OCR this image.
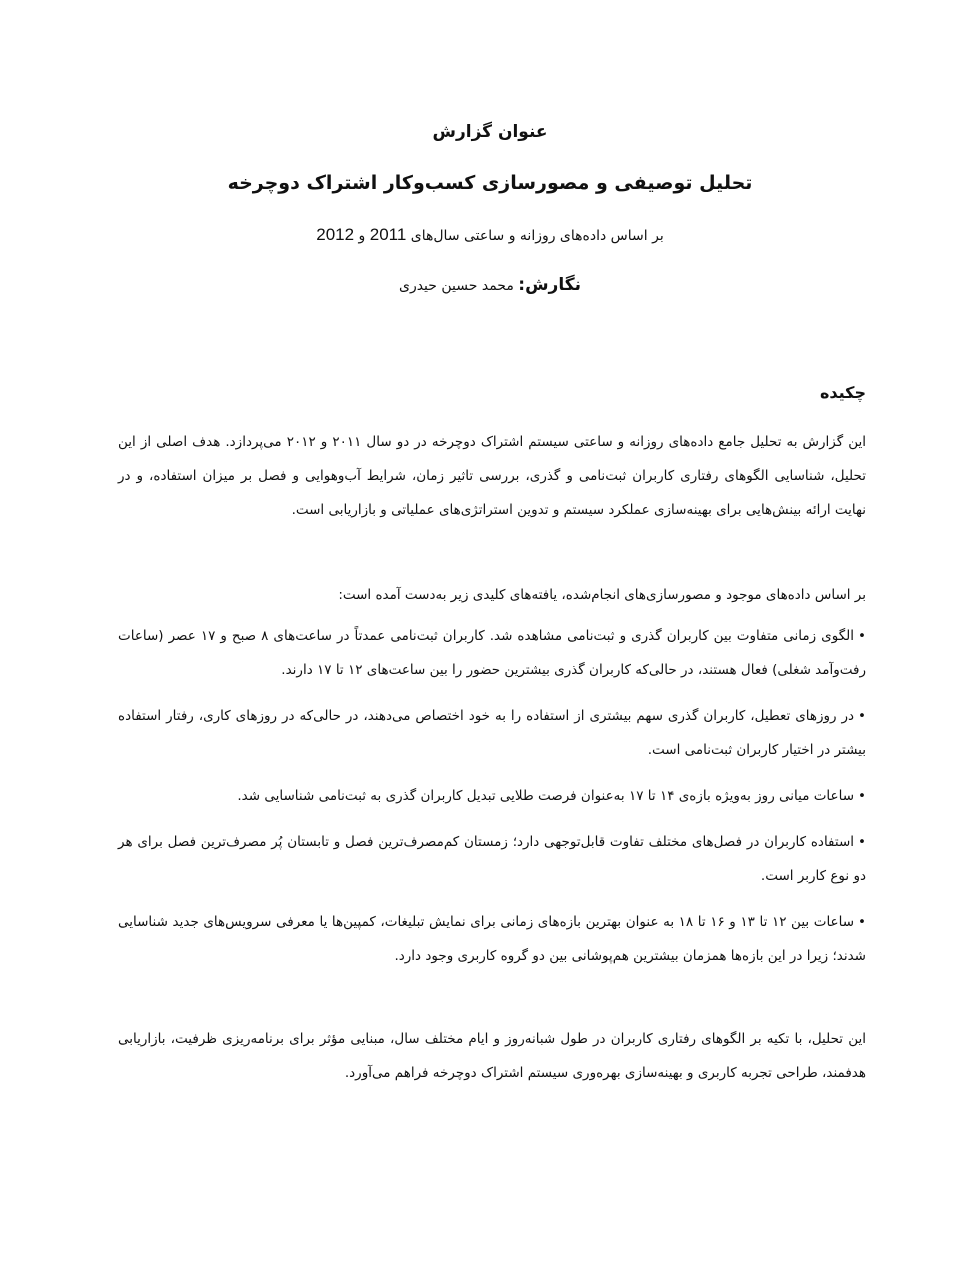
عنوان گزارش
تحلیل توصیفی و مصورسازی کسب‌وکار اشتراک دوچرخه
بر اساس داده‌های روزانه و ساعتی سال‌های 2011 و 2012
نگارش: محمد حسین حیدری
چکیده
این گزارش به تحلیل جامع داده‌های روزانه و ساعتی سیستم اشتراک دوچرخه در دو سال ۲۰۱۱ و ۲۰۱۲ می‌پردازد. هدف اصلی از این تحلیل، شناسایی الگوهای رفتاری کاربران ثبت‌نامی و گذری، بررسی تاثیر زمان، شرایط آب‌وهوایی و فصل بر میزان استفاده، و در نهایت ارائه بینش‌هایی برای بهینه‌سازی عملکرد سیستم و تدوین استراتژی‌های عملیاتی و بازاریابی است.
بر اساس داده‌های موجود و مصورسازی‌های انجام‌شده، یافته‌های کلیدی زیر به‌دست آمده است:
•الگوی زمانی متفاوت بین کاربران گذری و ثبت‌نامی مشاهده شد. کاربران ثبت‌نامی عمدتاً در ساعت‌های ۸ صبح و ۱۷ عصر (ساعات رفت‌وآمد شغلی) فعال هستند، در حالی‌که کاربران گذری بیشترین حضور را بین ساعت‌های ۱۲ تا ۱۷ دارند.
•در روزهای تعطیل، کاربران گذری سهم بیشتری از استفاده را به خود اختصاص می‌دهند، در حالی‌که در روزهای کاری، رفتار استفاده بیشتر در اختیار کاربران ثبت‌نامی است.
•ساعات میانی روز به‌ویژه بازه‌ی ۱۴ تا ۱۷ به‌عنوان فرصت طلایی تبدیل کاربران گذری به ثبت‌نامی شناسایی شد.
•استفاده کاربران در فصل‌های مختلف تفاوت قابل‌توجهی دارد؛ زمستان کم‌مصرف‌ترین فصل و تابستان پُر مصرف‌ترین فصل برای هر دو نوع کاربر است.
•ساعات بین ۱۲ تا ۱۳ و ۱۶ تا ۱۸ به عنوان بهترین بازه‌های زمانی برای نمایش تبلیغات، کمپین‌ها یا معرفی سرویس‌های جدید شناسایی شدند؛ زیرا در این بازه‌ها همزمان بیشترین هم‌پوشانی بین دو گروه کاربری وجود دارد.
این تحلیل، با تکیه بر الگوهای رفتاری کاربران در طول شبانه‌روز و ایام مختلف سال، مبنایی مؤثر برای برنامه‌ریزی ظرفیت، بازاریابی هدفمند، طراحی تجربه کاربری و بهینه‌سازی بهره‌وری سیستم اشتراک دوچرخه فراهم می‌آورد.
